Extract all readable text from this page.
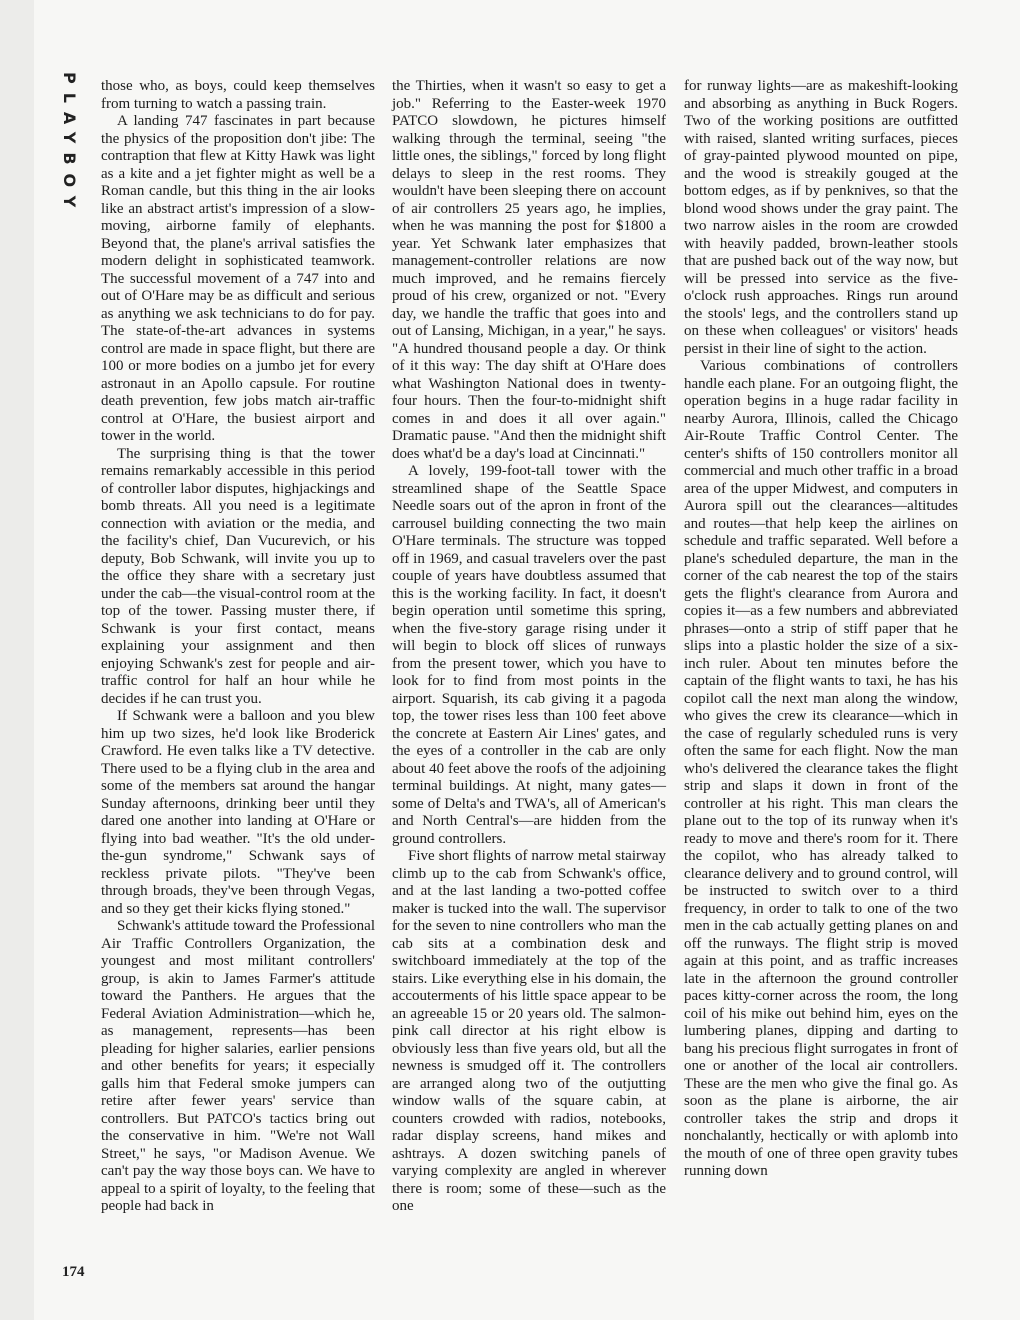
PLAYBOY those who, as boys, could keep themselves from turning to watch a passing train.

A landing 747 fascinates in part because the physics of the proposition don't jibe: The contraption that flew at Kitty Hawk was light as a kite and a jet fighter might as well be a Roman candle, but this thing in the air looks like an abstract artist's impression of a slow-moving, airborne family of elephants. Beyond that, the plane's arrival satisfies the modern delight in sophisticated teamwork. The successful movement of a 747 into and out of O'Hare may be as difficult and serious as anything we ask technicians to do for pay. The state-of-the-art advances in systems control are made in space flight, but there are 100 or more bodies on a jumbo jet for every astronaut in an Apollo capsule. For routine death prevention, few jobs match air-traffic control at O'Hare, the busiest airport and tower in the world.

The surprising thing is that the tower remains remarkably accessible in this period of controller labor disputes, highjackings and bomb threats. All you need is a legitimate connection with aviation or the media, and the facility's chief, Dan Vucurevich, or his deputy, Bob Schwank, will invite you up to the office they share with a secretary just under the cab—the visual-control room at the top of the tower. Passing muster there, if Schwank is your first contact, means explaining your assignment and then enjoying Schwank's zest for people and air-traffic control for half an hour while he decides if he can trust you.

If Schwank were a balloon and you blew him up two sizes, he'd look like Broderick Crawford. He even talks like a TV detective. There used to be a flying club in the area and some of the members sat around the hangar Sunday afternoons, drinking beer until they dared one another into landing at O'Hare or flying into bad weather. "It's the old under-the-gun syndrome," Schwank says of reckless private pilots. "They've been through broads, they've been through Vegas, and so they get their kicks flying stoned."

Schwank's attitude toward the Professional Air Traffic Controllers Organization, the youngest and most militant controllers' group, is akin to James Farmer's attitude toward the Panthers. He argues that the Federal Aviation Administration—which he, as management, represents—has been pleading for higher salaries, earlier pensions and other benefits for years; it especially galls him that Federal smoke jumpers can retire after fewer years' service than controllers. But PATCO's tactics bring out the conservative in him. "We're not Wall Street," he says, "or Madison Avenue. We can't pay the way those boys can. We have to appeal to a spirit of loyalty, to the feeling that people had back in

the Thirties, when it wasn't so easy to get a job." Referring to the Easter-week 1970 PATCO slowdown, he pictures himself walking through the terminal, seeing "the little ones, the siblings," forced by long flight delays to sleep in the rest rooms. They wouldn't have been sleeping there on account of air controllers 25 years ago, he implies, when he was manning the post for $1800 a year. Yet Schwank later emphasizes that management-controller relations are now much improved, and he remains fiercely proud of his crew, organized or not. "Every day, we handle the traffic that goes into and out of Lansing, Michigan, in a year," he says. "A hundred thousand people a day. Or think of it this way: The day shift at O'Hare does what Washington National does in twenty-four hours. Then the four-to-midnight shift comes in and does it all over again." Dramatic pause. "And then the midnight shift does what'd be a day's load at Cincinnati."

A lovely, 199-foot-tall tower with the streamlined shape of the Seattle Space Needle soars out of the apron in front of the carrousel building connecting the two main O'Hare terminals. The structure was topped off in 1969, and casual travelers over the past couple of years have doubtless assumed that this is the working facility. In fact, it doesn't begin operation until sometime this spring, when the five-story garage rising under it will begin to block off slices of runways from the present tower, which you have to look for to find from most points in the airport. Squarish, its cab giving it a pagoda top, the tower rises less than 100 feet above the concrete at Eastern Air Lines' gates, and the eyes of a controller in the cab are only about 40 feet above the roofs of the adjoining terminal buildings. At night, many gates—some of Delta's and TWA's, all of American's and North Central's—are hidden from the ground controllers.

Five short flights of narrow metal stairway climb up to the cab from Schwank's office, and at the last landing a two-potted coffee maker is tucked into the wall. The supervisor for the seven to nine controllers who man the cab sits at a combination desk and switchboard immediately at the top of the stairs. Like everything else in his domain, the accouterments of his little space appear to be an agreeable 15 or 20 years old. The salmon-pink call director at his right elbow is obviously less than five years old, but all the newness is smudged off it. The controllers are arranged along two of the outjutting window walls of the square cabin, at counters crowded with radios, notebooks, radar display screens, hand mikes and ashtrays. A dozen switching panels of varying complexity are angled in wherever there is room; some of these—such as the one

for runway lights—are as makeshift-looking and absorbing as anything in Buck Rogers. Two of the working positions are outfitted with raised, slanted writing surfaces, pieces of gray-painted plywood mounted on pipe, and the wood is streakily gouged at the bottom edges, as if by penknives, so that the blond wood shows under the gray paint. The two narrow aisles in the room are crowded with heavily padded, brown-leather stools that are pushed back out of the way now, but will be pressed into service as the five-o'clock rush approaches. Rings run around the stools' legs, and the controllers stand up on these when colleagues' or visitors' heads persist in their line of sight to the action.

Various combinations of controllers handle each plane. For an outgoing flight, the operation begins in a huge radar facility in nearby Aurora, Illinois, called the Chicago Air-Route Traffic Control Center. The center's shifts of 150 controllers monitor all commercial and much other traffic in a broad area of the upper Midwest, and computers in Aurora spill out the clearances—altitudes and routes—that help keep the airlines on schedule and traffic separated. Well before a plane's scheduled departure, the man in the corner of the cab nearest the top of the stairs gets the flight's clearance from Aurora and copies it—as a few numbers and abbreviated phrases—onto a strip of stiff paper that he slips into a plastic holder the size of a six-inch ruler. About ten minutes before the captain of the flight wants to taxi, he has his copilot call the next man along the window, who gives the crew its clearance—which in the case of regularly scheduled runs is very often the same for each flight. Now the man who's delivered the clearance takes the flight strip and slaps it down in front of the controller at his right. This man clears the plane out to the top of its runway when it's ready to move and there's room for it. There the copilot, who has already talked to clearance delivery and to ground control, will be instructed to switch over to a third frequency, in order to talk to one of the two men in the cab actually getting planes on and off the runways. The flight strip is moved again at this point, and as traffic increases late in the afternoon the ground controller paces kitty-corner across the room, the long coil of his mike out behind him, eyes on the lumbering planes, dipping and darting to bang his precious flight surrogates in front of one or another of the local air controllers. These are the men who give the final go. As soon as the plane is airborne, the air controller takes the strip and drops it nonchalantly, hectically or with aplomb into the mouth of one of three open gravity tubes running down

174
